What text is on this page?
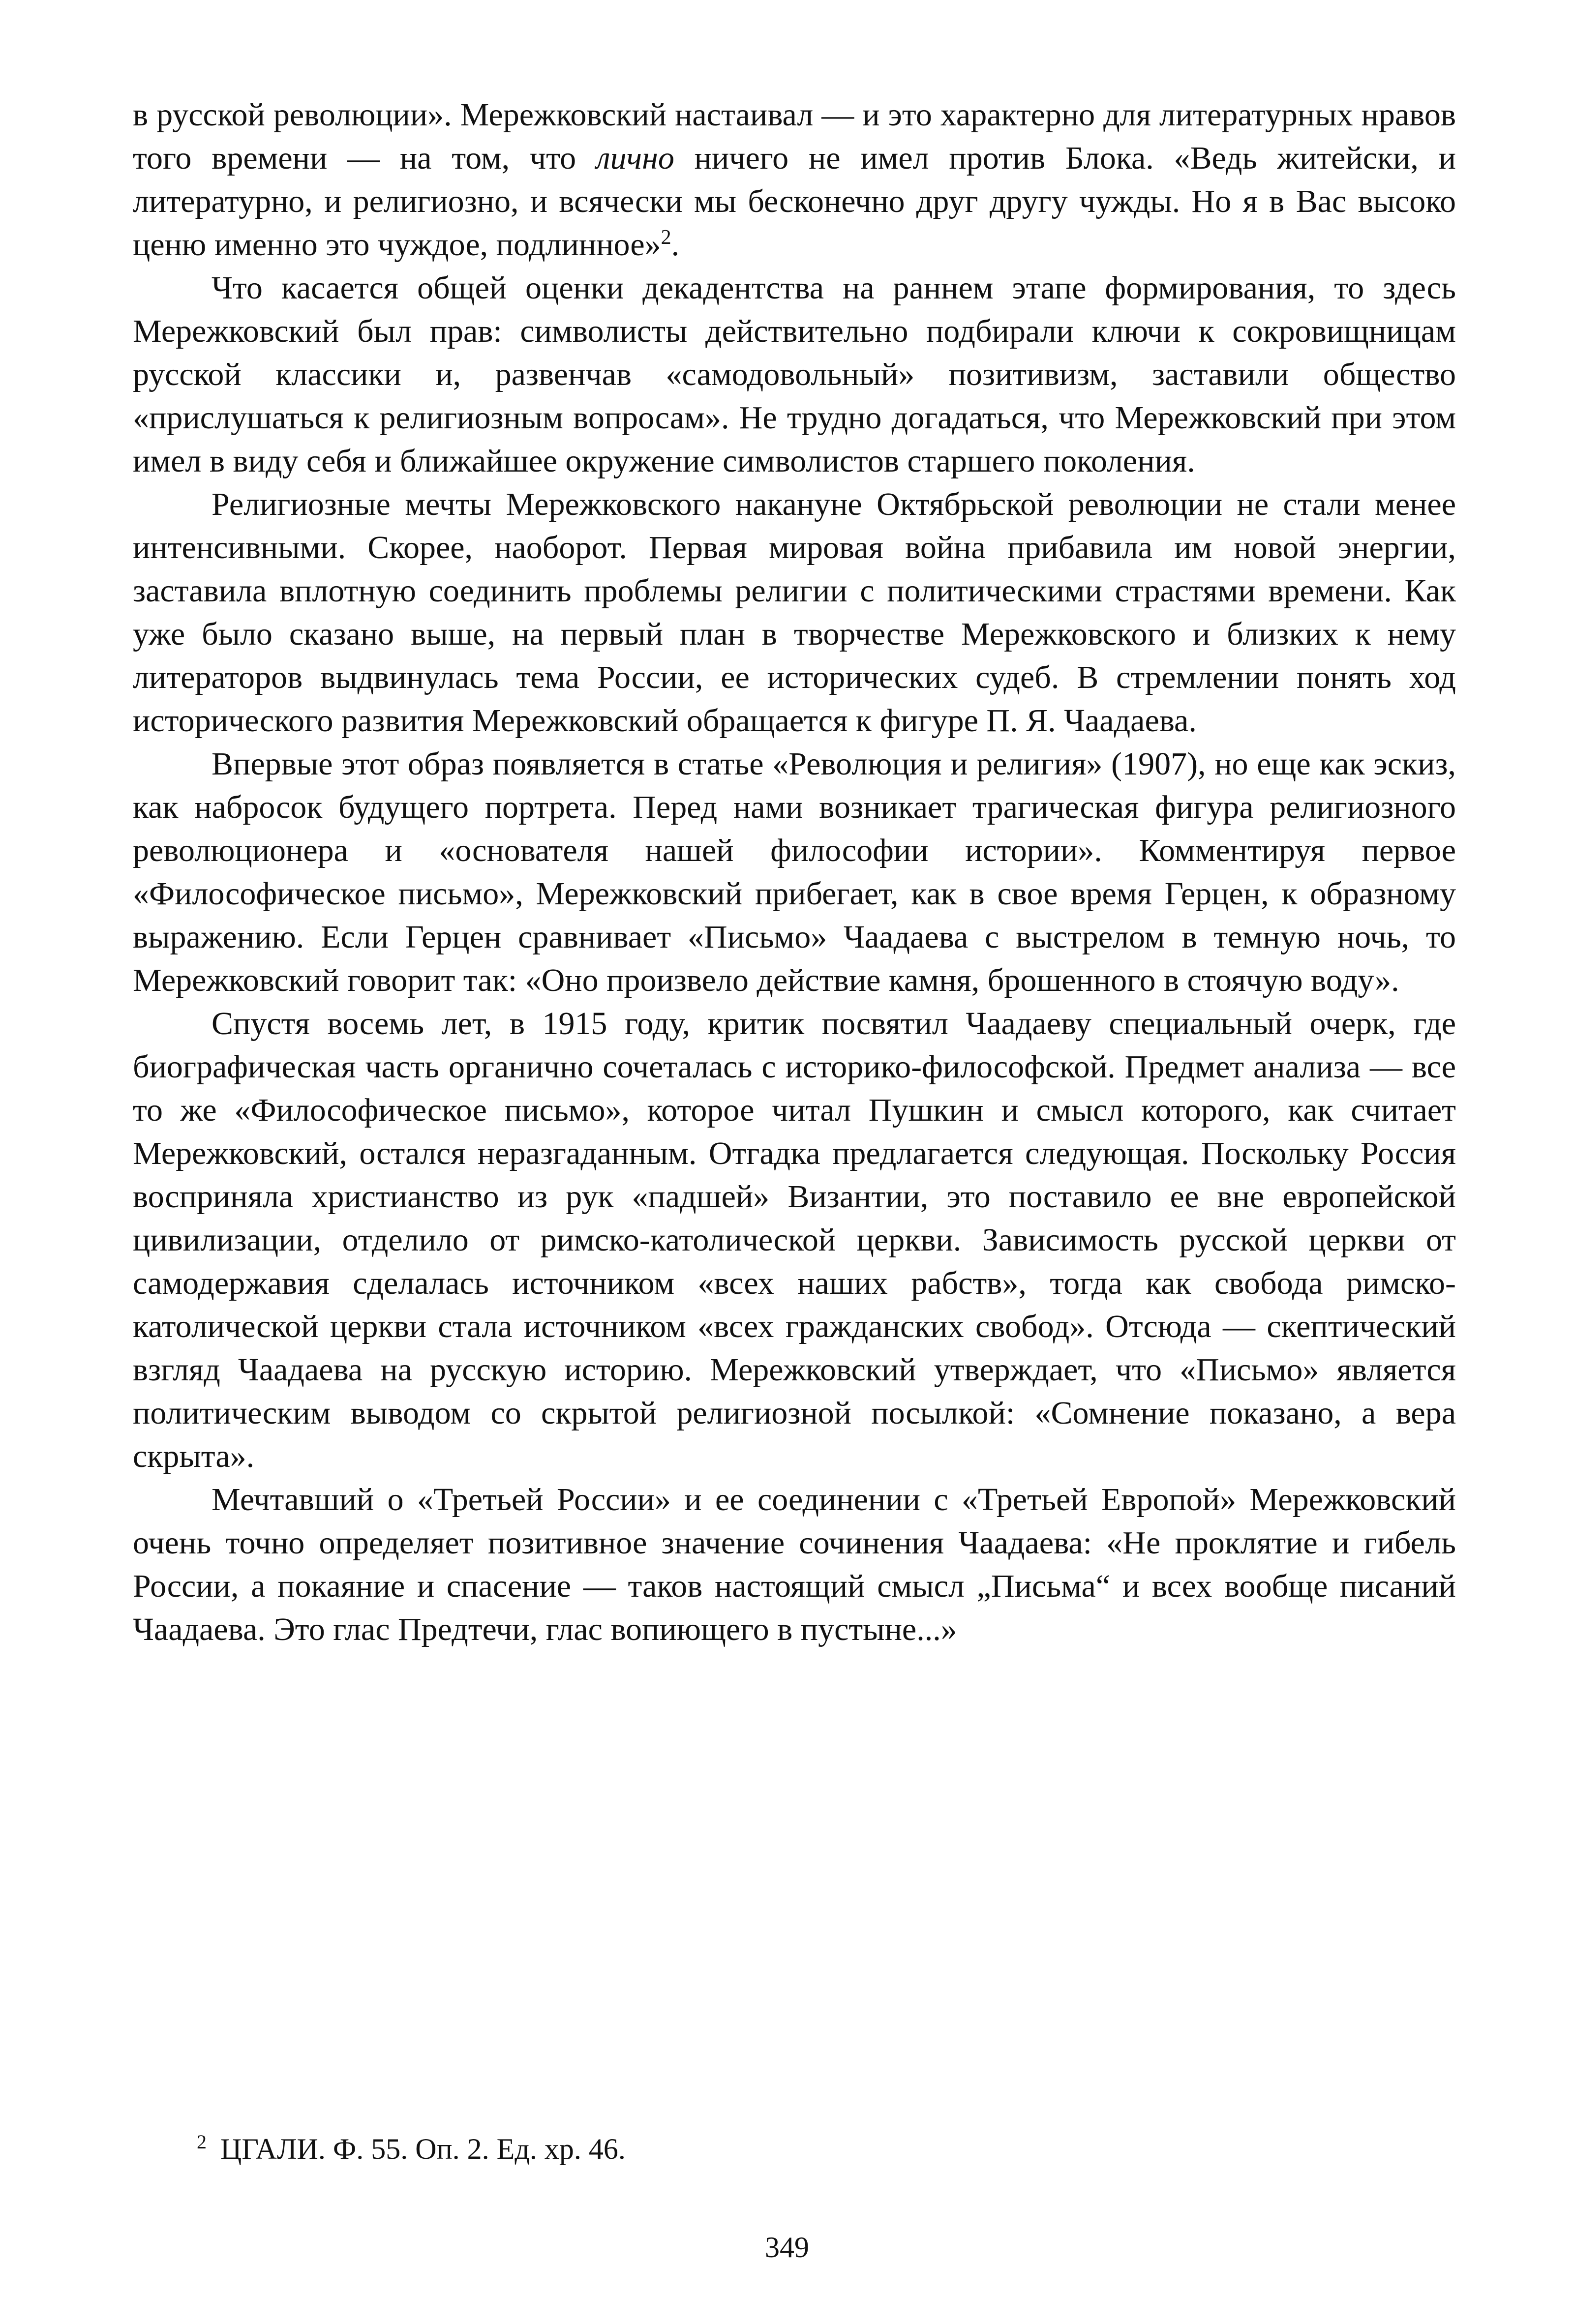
в русской революции». Мережковский настаивал — и это характерно для литературных нравов того времени — на том, что лично ничего не имел против Блока. «Ведь житейски, и литературно, и религиозно, и всячески мы бесконечно друг другу чужды. Но я в Вас высоко ценю именно это чуждое, подлинное»$^2$.

Что касается общей оценки декадентства на раннем этапе формирования, то здесь Мережковский был прав: символисты действительно подбирали ключи к сокровищницам русской классики и, развенчав «самодовольный» позитивизм, заставили общество «прислушаться к религиозным вопросам». Не трудно догадаться, что Мережковский при этом имел в виду себя и ближайшее окружение символистов старшего поколения.

Религиозные мечты Мережковского накануне Октябрьской революции не стали менее интенсивными. Скорее, наоборот. Первая мировая война прибавила им новой энергии, заставила вплотную соединить проблемы религии с политическими страстями времени. Как уже было сказано выше, на первый план в творчестве Мережковского и близких к нему литераторов выдвинулась тема России, ее исторических судеб. В стремлении понять ход исторического развития Мережковский обращается к фигуре П. Я. Чаадаева.

Впервые этот образ появляется в статье «Революция и религия» (1907), но еще как эскиз, как набросок будущего портрета. Перед нами возникает трагическая фигура религиозного революционера и «основателя нашей философии истории». Комментируя первое «Философическое письмо», Мережковский прибегает, как в свое время Герцен, к образному выражению. Если Герцен сравнивает «Письмо» Чаадаева с выстрелом в темную ночь, то Мережковский говорит так: «Оно произвело действие камня, брошенного в стоячую воду».

Спустя восемь лет, в 1915 году, критик посвятил Чаадаеву специальный очерк, где биографическая часть органично сочеталась с историко-философской. Предмет анализа — все то же «Философическое письмо», которое читал Пушкин и смысл которого, как считает Мережковский, остался неразгаданным. Отгадка предлагается следующая. Поскольку Россия восприняла христианство из рук «падшей» Византии, это поставило ее вне европейской цивилизации, отделило от римско-католической церкви. Зависимость русской церкви от самодержавия сделалась источником «всех наших рабств», тогда как свобода римско-католической церкви стала источником «всех гражданских свобод». Отсюда — скептический взгляд Чаадаева на русскую историю. Мережковский утверждает, что «Письмо» является политическим выводом со скрытой религиозной посылкой: «Сомнение показано, а вера скрыта».

Мечтавший о «Третьей России» и ее соединении с «Третьей Европой» Мережковский очень точно определяет позитивное значение сочинения Чаадаева: «Не проклятие и гибель России, а покаяние и спасение — таков настоящий смысл „Письма“ и всех вообще писаний Чаадаева. Это глас Предтечи, глас вопиющего в пустыне...»

$^2$ ЦГАЛИ. Ф. 55. Оп. 2. Ед. хр. 46.

349
